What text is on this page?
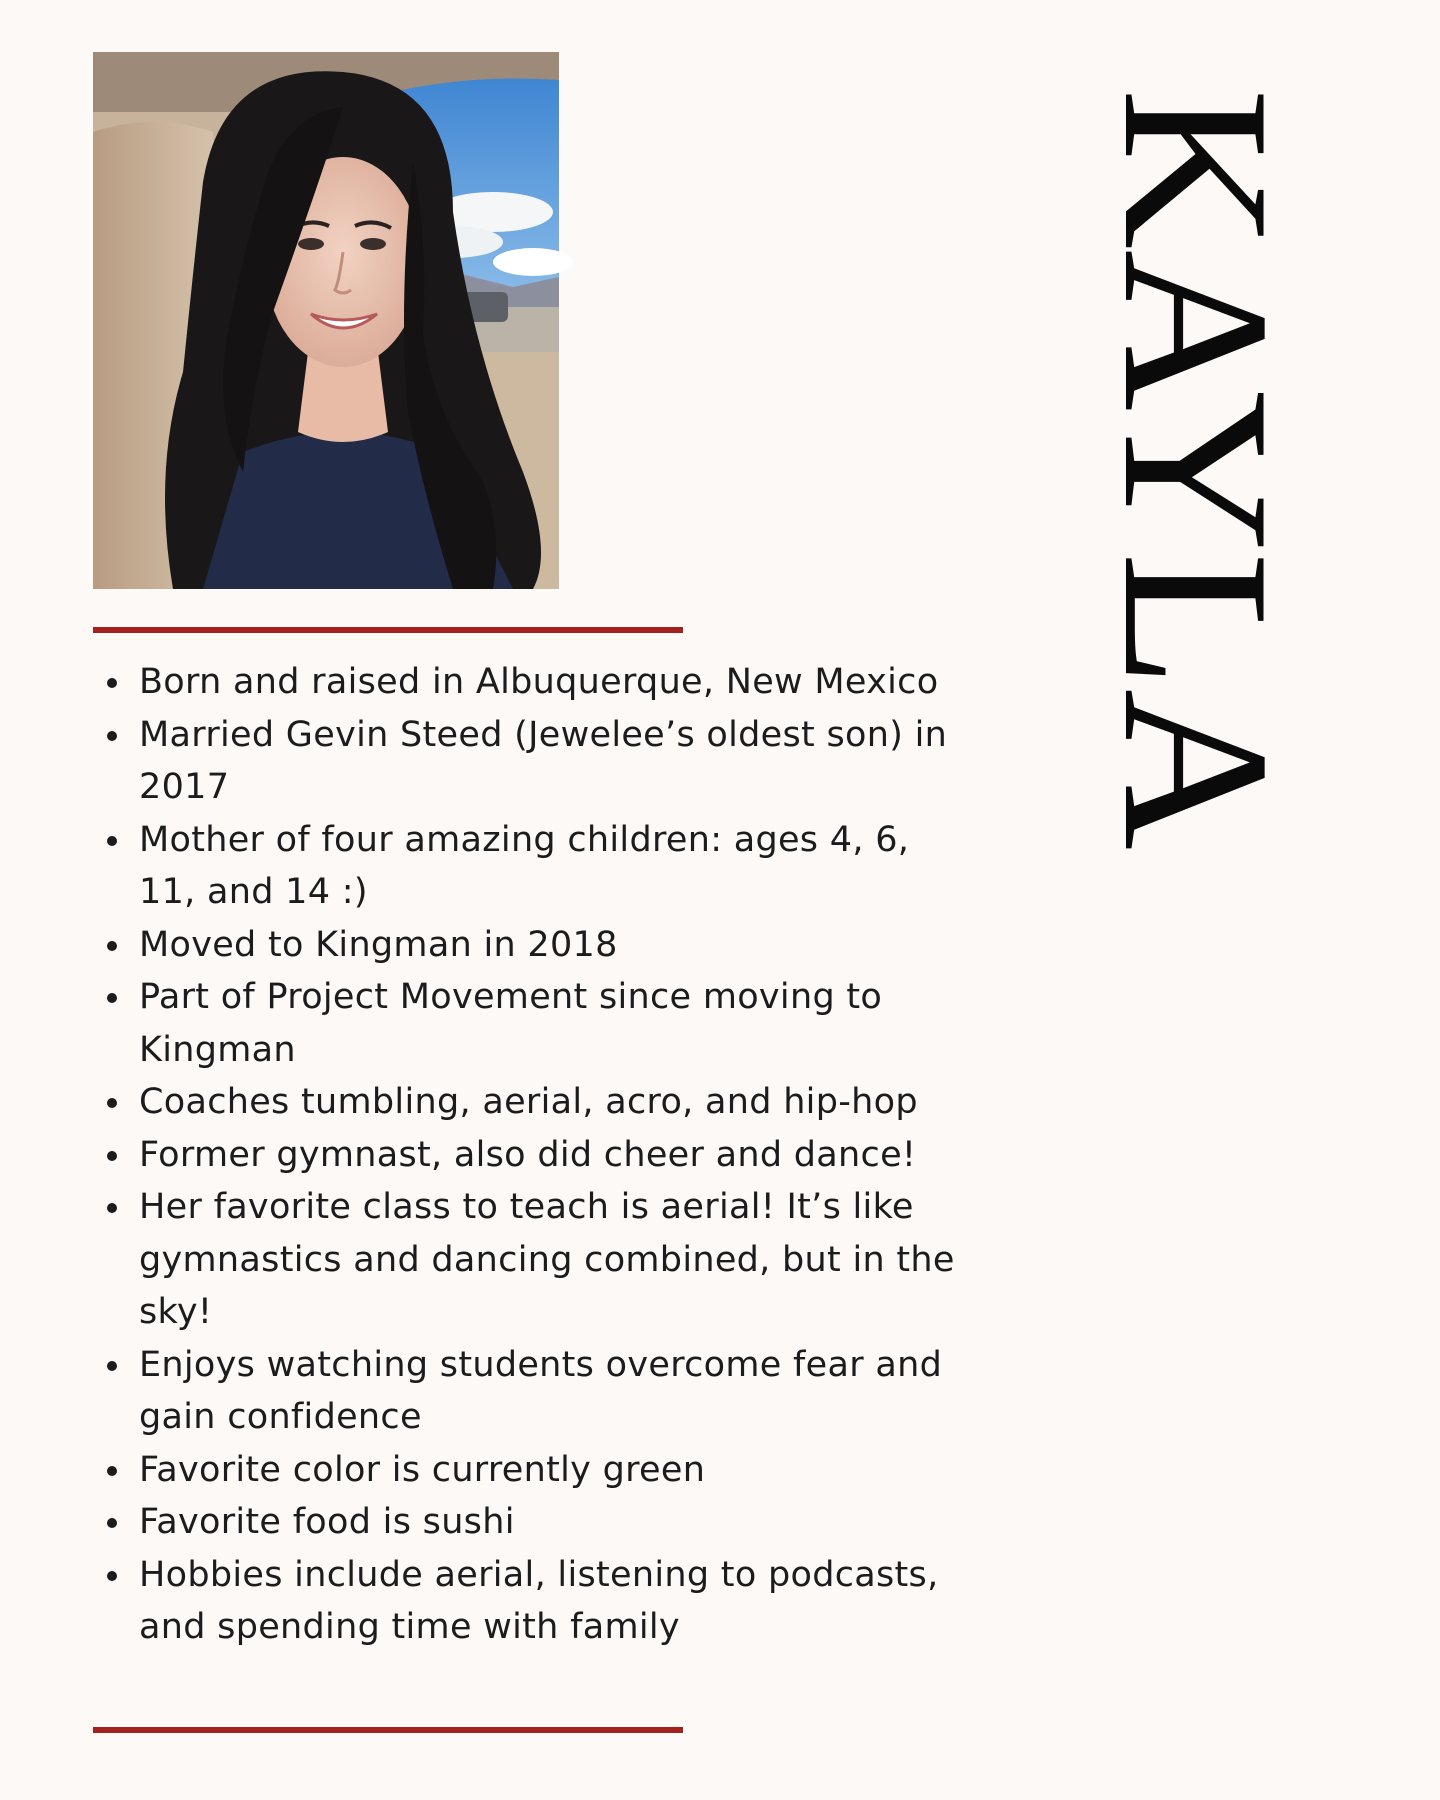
Born and raised in Albuquerque, New Mexico
Married Gevin Steed (Jewelee’s oldest son) in 2017
Mother of four amazing children: ages 4, 6, 11, and 14 :)
Moved to Kingman in 2018
Part of Project Movement since moving to Kingman
Coaches tumbling, aerial, acro, and hip-hop
Former gymnast, also did cheer and dance!
Her favorite class to teach is aerial! It’s like gymnastics and dancing combined, but in the sky!
Enjoys watching students overcome fear and gain confidence
Favorite color is currently green
Favorite food is sushi
Hobbies include aerial, listening to podcasts, and spending time with family
KAYLA
